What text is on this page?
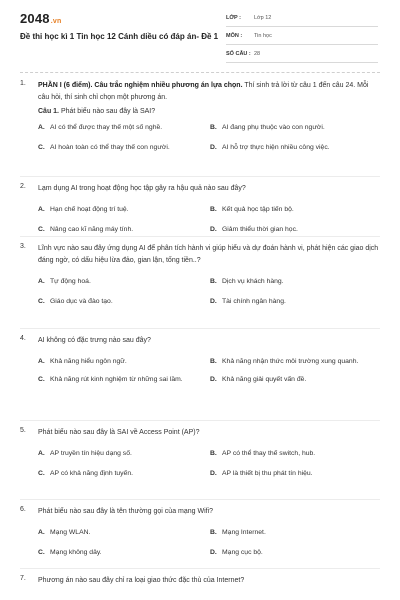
2048.vn
Đề thi học kì 1 Tin học 12 Cánh diều có đáp án- Đề 1
LỚP :	Lớp 12
MÔN :	Tin học
SỐ CÂU : 28
1. PHẦN I (6 điểm). Câu trắc nghiệm nhiều phương án lựa chọn. Thí sinh trả lời từ câu 1 đến câu 24. Mỗi câu hỏi, thí sinh chỉ chọn một phương án.
Câu 1. Phát biểu nào sau đây là SAI?
A. AI có thể được thay thế một số nghề.	B. AI đang phụ thuộc vào con người.
C. AI hoàn toàn có thể thay thế con người.	D. AI hỗ trợ thực hiện nhiều công việc.
2. Lạm dụng AI trong hoạt động học tập gây ra hậu quả nào sau đây?
A. Hạn chế hoạt động trí tuệ.	B. Kết quả học tập tiến bộ.
C. Nâng cao kĩ năng máy tính.	D. Giảm thiểu thời gian học.
3. Lĩnh vực nào sau đây ứng dụng AI để phân tích hành vi giúp hiểu và dự đoán hành vi, phát hiện các giao dịch đáng ngờ, có dấu hiệu lừa đảo, gian lận, tống tiền..?
A. Tự động hoá.	B. Dịch vụ khách hàng.
C. Giáo dục và đào tạo.	D. Tài chính ngân hàng.
4. AI không có đặc trưng nào sau đây?
A. Khả năng hiểu ngôn ngữ.	B. Khả năng nhận thức môi trường xung quanh.
C. Khả năng rút kinh nghiệm từ những sai lầm.	D. Khả năng giải quyết vấn đề.
5. Phát biểu nào sau đây là SAI về Access Point (AP)?
A. AP truyền tín hiệu dạng số.	B. AP có thể thay thế switch, hub.
C. AP có khả năng định tuyến.	D. AP là thiết bị thu phát tín hiệu.
6. Phát biểu nào sau đây là tên thường gọi của mạng Wifi?
A. Mạng WLAN.	B. Mạng Internet.
C. Mạng không dây.	D. Mạng cục bộ.
7. Phương án nào sau đây chỉ ra loại giao thức đặc thù của Internet?
